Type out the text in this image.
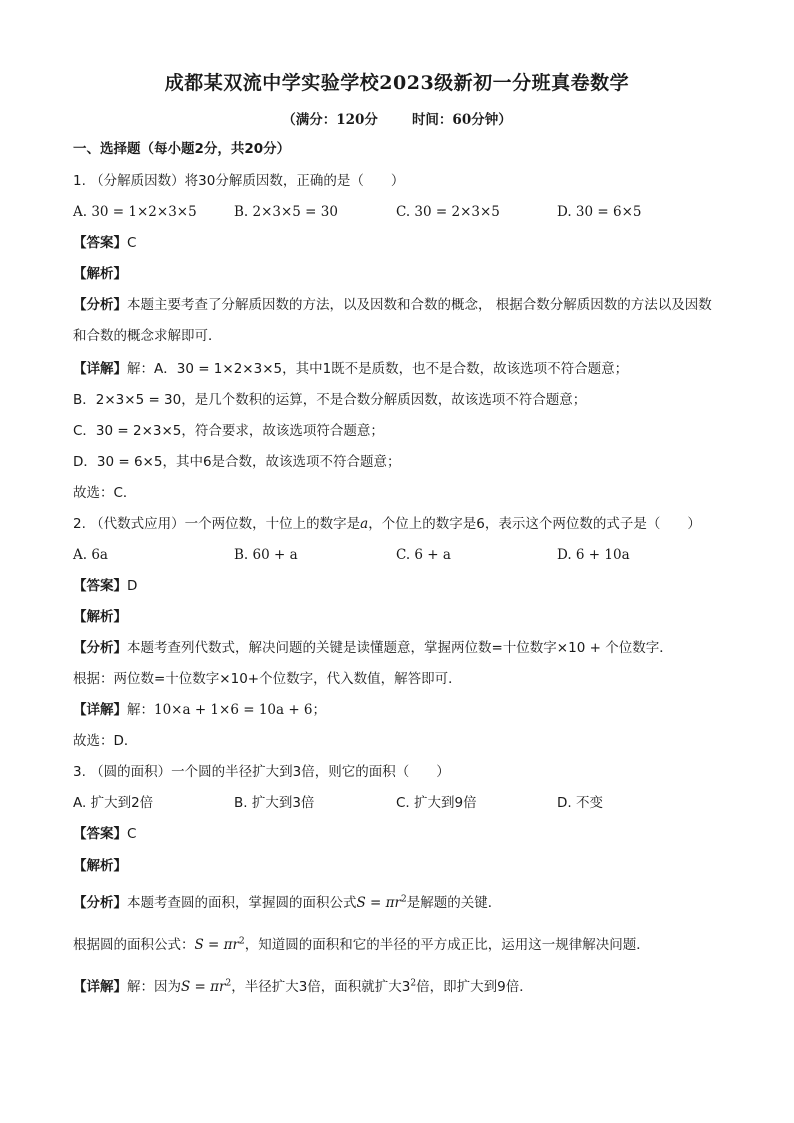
成都某双流中学实验学校2023级新初一分班真卷数学
（满分：120分	时间：60分钟）
一、选择题（每小题2分，共20分）
1. （分解质因数）将30分解质因数，正确的是（　　）
A. 30 = 1×2×3×5	B. 2×3×5 = 30	C. 30 = 2×3×5	D. 30 = 6×5
【答案】C
【解析】
【分析】本题主要考查了分解质因数的方法，以及因数和合数的概念， 根据合数分解质因数的方法以及因数和合数的概念求解即可．
【详解】解：A．30 = 1×2×3×5，其中1既不是质数，也不是合数，故该选项不符合题意；
B．2×3×5 = 30，是几个数积的运算，不是合数分解质因数，故该选项不符合题意；
C．30 = 2×3×5，符合要求，故该选项符合题意；
D．30 = 6×5，其中6是合数，故该选项不符合题意；
故选：C．
2. （代数式应用）一个两位数，十位上的数字是a，个位上的数字是6，表示这个两位数的式子是（　　）
A. 6a	B. 60 + a	C. 6 + a	D. 6 + 10a
【答案】D
【解析】
【分析】本题考查列代数式，解决问题的关键是读懂题意，掌握两位数=十位数字×10 + 个位数字．
根据：两位数=十位数字×10+个位数字，代入数值，解答即可．
【详解】解：10×a + 1×6 = 10a + 6；
故选：D．
3. （圆的面积）一个圆的半径扩大到3倍，则它的面积（　　）
A. 扩大到2倍	B. 扩大到3倍	C. 扩大到9倍	D. 不变
【答案】C
【解析】
【分析】本题考查圆的面积，掌握圆的面积公式$S = \pi r^2$是解题的关键．
根据圆的面积公式：$S = \pi r^2$，知道圆的面积和它的半径的平方成正比，运用这一规律解决问题．
【详解】解：因为$S = \pi r^2$，半径扩大3倍，面积就扩大$3^2$倍，即扩大到9倍．
